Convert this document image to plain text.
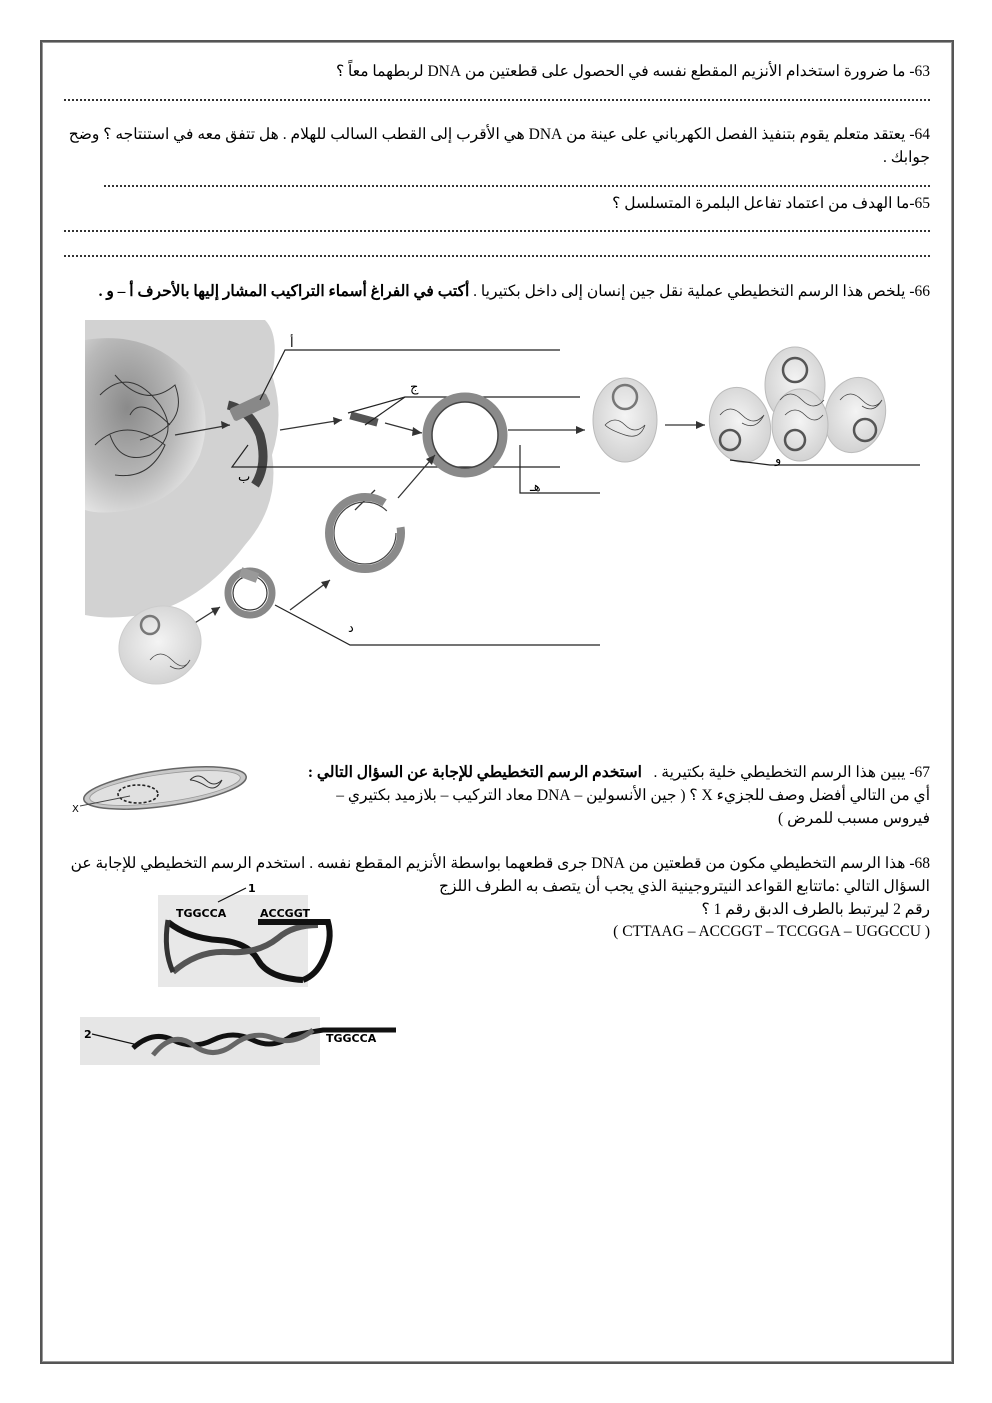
63- ما ضرورة استخدام الأنزيم المقطع نفسه في الحصول على قطعتين من DNA لربطهما معاً ؟
64- يعتقد متعلم يقوم بتنفيذ الفصل الكهرباني على عينة من DNA هي الأقرب إلى القطب السالب للهلام . هل تتفق معه في استنتاجه ؟ وضح
جوابك .
65-ما الهدف من اعتماد تفاعل البلمرة المتسلسل ؟
66- يلخص هذا الرسم التخطيطي عملية نقل جين إنسان إلى داخل بكتيريا . أكتب في الفراغ أسماء التراكيب المشار إليها بالأحرف أ – و .
أ
ب
ج
هـ
و
د
67- يبين هذا الرسم التخطيطي خلية بكتيرية .   استخدم الرسم التخطيطي للإجابة عن السؤال التالي :
أي من التالي أفضل وصف للجزيء X ؟ ( جين الأنسولين – DNA معاد التركيب – بلازميد بكتيري –
فيروس مسبب للمرض )
X
68- هذا الرسم التخطيطي مكون من قطعتين من DNA جرى قطعهما بواسطة الأنزيم المقطع نفسه . استخدم الرسم التخطيطي للإجابة عن
السؤال التالي :ماتتابع القواعد النيتروجينية الذي يجب أن يتصف به الطرف اللزج
رقم 2 ليرتبط بالطرف الدبق رقم 1 ؟
( CTTAAG – ACCGGT – TCCGGA – UGGCCU )
1
TGGCCA	ACCGGT
2	TGGCCA
